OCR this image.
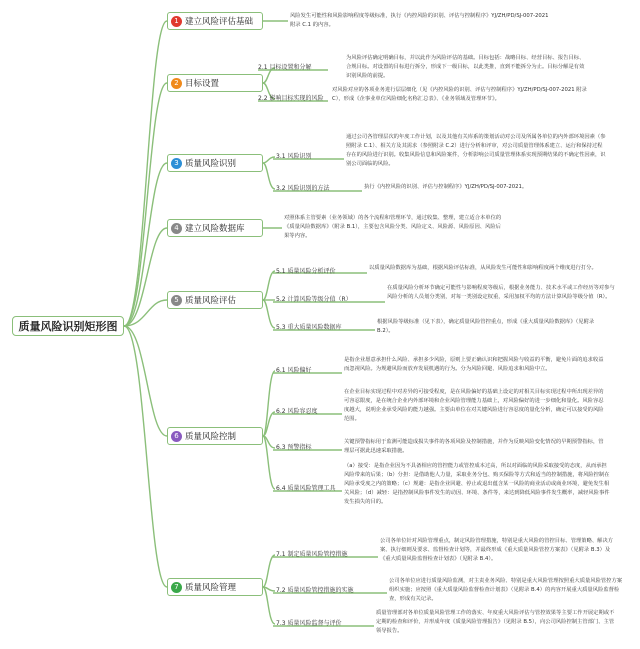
质量风险识别矩形图
1 建立风险评估基础
风险发生可能性和风险影响程度等级标准，执行《内控风险的识别、评估与控制程序》YJ/ZH/PD/SJ-007-2021 附录 C.1 的内容。
2 目标设置
2.1 目标设置和分解
为风险评估确定明确目标，并以此作为风险评估的基础。目标包括：战略目标、经营目标、报告目标、合规目标。对设置的目标进行拆分，形成下一级目标，以此类推，直到不能拆分为止。目标分解是有效识别风险的前提。
2.2 影响目标实现的风险
对风险对应的各项业务进行层层细化（见《内控风险的识别、评估与控制程序》YJ/ZH/PD/SJ-007-2021 附录 C），形成《企事业单位风险细化名称汇总表》、《业务领域及管理环节》。
3 质量风险识别
3.1 风险识别
通过公司各管理层次的年度工作计划，以及其他有关库系的策划活动对公司及所属各单位的内外部环境因素（参照附录 C.1）、相关方及其需求（参照附录 C.2）进行分析和评审，对公司质量管理体系建立、运行和保持过程存在的风险进行识别。收集风险信息和风险案件，分析影响公司质量管理体系实现预期结果的不确定性因素，识别公司面临的风险。
3.2 风险识别的方法	执行《内控风险的识别、评估与控制程序》YJ/ZH/PD/SJ-007-2021。
4 建立风险数据库
对照体系主管要素（业务领域）的各个流程和管理环节，通过收集、整理，建立适合本单位的《质量风险数据库》（附录 B.1），主要包含风险分类、风险定义、风险源、风险原因、风险后果等内容。
5 质量风险评估
5.1 质量风险分析评价	以质量风险数据库为基础，根据风险评估标准，从风险发生可能性和影响程度两个维度进行打分。
5.2 计算风险等级分值（R）
在质量风险分析环节确定可能性与影响程度等级后，根据业务能力、技术水平或工作经历等对参与风险分析的人员划分类别，对每一类别设定权重，采用加权平均的方法计算风险等级分值（R）。
5.3 重大质量风险数据库
根据风险等级标准（见下表），确定质量风险管控重点，形成《重大质量风险数据库》（见附录 B.2）。
6 质量风险控制
6.1 风险偏好
是指企业愿意承担什么风险、承担多少风险，原则上要正确认识和把握风险与收益的平衡，避免片面的追求收益而忽视风险。为规避风险而放弃发展机遇的行为。分为风险回避、风险追求和风险中立。
6.2 风险容忍度
在企业目标实现过程中对差异的可接受程度，是在风险偏好的基础上设定的对相关目标实现过程中所出现差异的可容忍限度，是在统合企业内外部环境和企业风险管理能力基础上，对风险偏好的进一步细化和量化。风险容忍度越大，说明企业承受风险的能力越强。主要由单位在对关键风险进行容忍度的量化分析，确定可以接受的风险范围。
6.3 预警指标
关键预警指标用于监测可能造成损失事件的各项风险及控制措施，并作为反映风险变化情况的早期预警指标，管理层可据此迅速采取措施。
6.4 质量风险管理工具
（a）接受：是指企业因为不具备相应的管控能力或管控成本过高，所以对面临的风险采取接受的态度，从而承担风险带来的后果；（b）分担：是借助他人力量，采取业务分包、购买保险等方式和适当的控制措施，将风险控制在风险承受度之内的策略；（c）规避：是指企业回避、停止或退出蕴含某一风险的商业活动或商业环境，避免发生相关风险；（d）减轻：是指控制风险事件发生的动因、环境、条件等，来达到降低风险事件发生概率，减轻风险事件发生损失的目的。
7 质量风险管理
7.1 制定质量风险管控措施
公司各单位针对风险管理重点，制定风险管理措施，特别是重大风险的管控目标、管理策略、解决方案、执行细则及要求、监督检查计划等，并最终形成《重大质量风险管控方案表》（见附录 B.3）及《重大质量风险监督检查计划表》（见附录 B.4）。
7.2 质量风险管控措施的实施
公司各单位应进行质量风险监测，对主责业务风险、特别是重大风险管理按照重大质量风险管控方案组织实施；应按照《重大质量风险监督检查计划表》（见附录 B.4）的内容开展重大质量风险监督检查，形成有关记录。
7.3 质量风险监督与评价
质量管理部对各单位质量风险管理工作的落实、年度重大风险评估与管控效果等主要工作开展定期或不定期的检查和评价，并形成年度《质量风险管理报告》（见附录 B.5），向公司风险控制主管部门、主管领导报告。
